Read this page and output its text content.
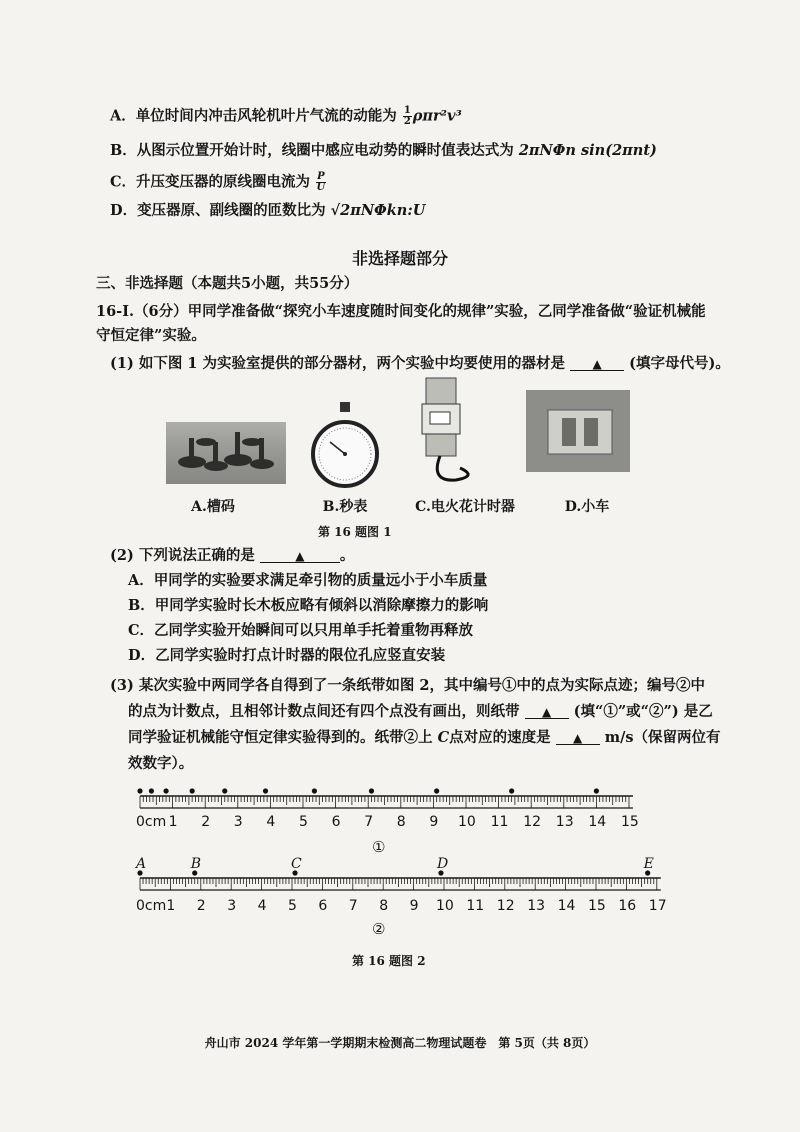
A．单位时间内冲击风轮机叶片气流的动能为 $\frac{1}{2} \rho\pi r^2v^3$
B．从图示位置开始计时，线圈中感应电动势的瞬时值表达式为 2πNΦn sin(2πnt)
C．升压变压器的原线圈电流为 $\frac{P}{U}$
D．变压器原、副线圈的匝数比为 √2πNΦkn:U
非选择题部分
三、非选择题（本题共5小题，共55分）
16-I.（6分）甲同学准备做“探究小车速度随时间变化的规律”实验，乙同学准备做“验证机械能
守恒定律”实验。
(1) 如下图 1 为实验室提供的部分器材，两个实验中均要使用的器材是 ▲ (填字母代号)。
A.槽码	B.秒表	C.电火花计时器	D.小车
第 16 题图 1
(2) 下列说法正确的是	▲ 。
A．甲同学的实验要求满足牵引物的质量远小于小车质量
B．甲同学实验时长木板应略有倾斜以消除摩擦力的影响
C．乙同学实验开始瞬间可以只用单手托着重物再释放
D．乙同学实验时打点计时器的限位孔应竖直安装
(3) 某次实验中两同学各自得到了一条纸带如图 2，其中编号①中的点为实际点迹；编号②中
的点为计数点，且相邻计数点间还有四个点没有画出，则纸带 ▲ (填“①”或“②”) 是乙
同学验证机械能守恒定律实验得到的。纸带②上 C点对应的速度是 ▲ m/s（保留两位有
效数字）。
0cm 1 2 3 4 5 6 7 8 9 10 11 12 13 14 15
①
A	B	C	D	E
0cm 1 2 3 4 5 6 7 8 9 10 11 12 13 14 15 16 17
②
第 16 题图 2
舟山市 2024 学年第一学期期末检测高二物理试题卷　第 5页（共 8页）
